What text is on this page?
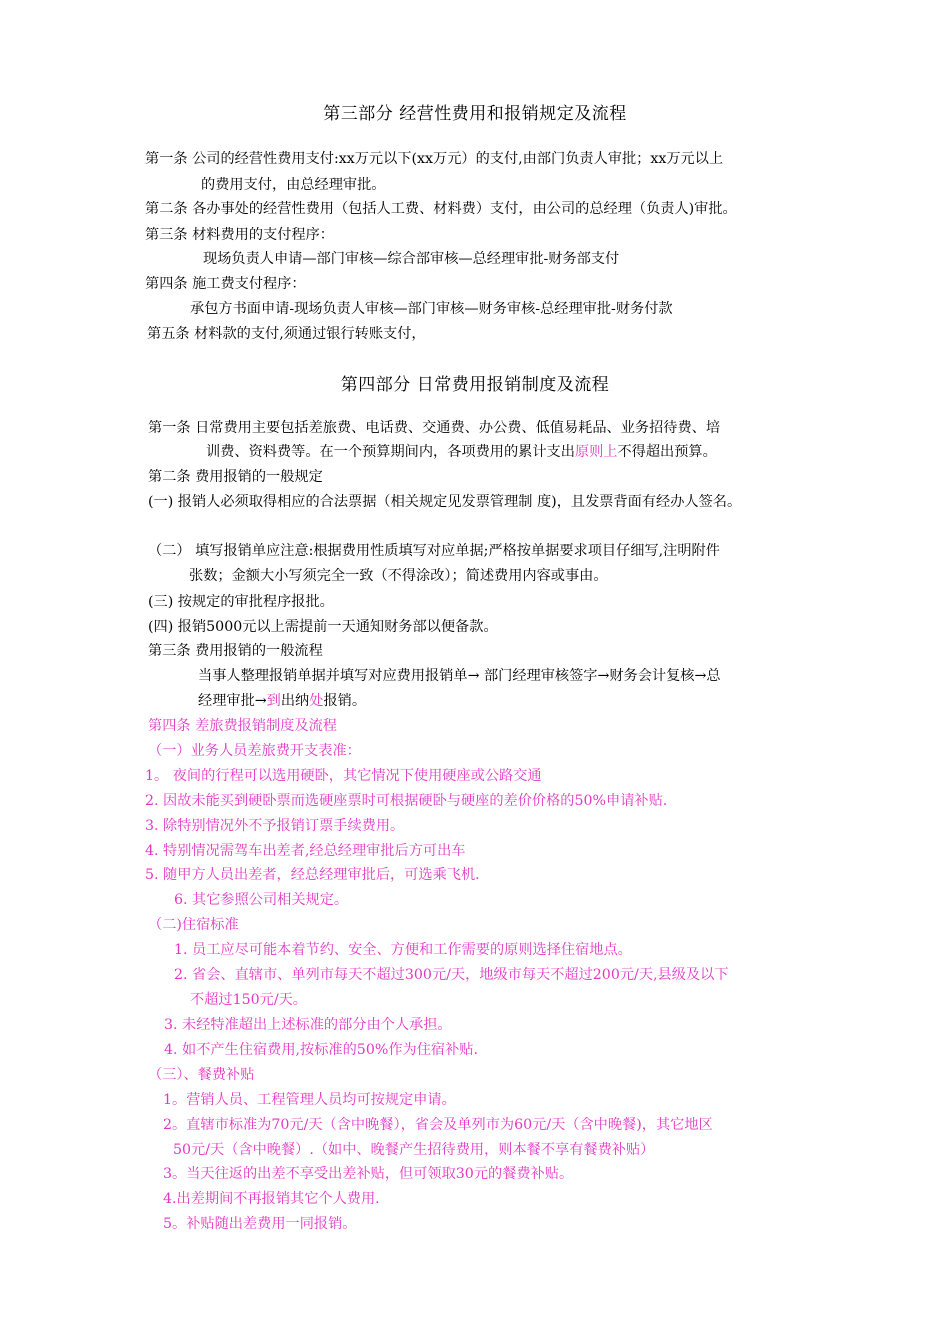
第三部分 经营性费用和报销规定及流程
第一条 公司的经营性费用支付:xx万元以下(xx万元）的支付,由部门负责人审批；xx万元以上
的费用支付，由总经理审批。
第二条 各办事处的经营性费用（包括人工费、材料费）支付，由公司的总经理（负责人)审批。
第三条 材料费用的支付程序：
现场负责人申请—部门审核—综合部审核—总经理审批-财务部支付
第四条 施工费支付程序：
承包方书面申请-现场负责人审核—部门审核—财务审核-总经理审批-财务付款
第五条 材料款的支付,须通过银行转账支付，
第四部分 日常费用报销制度及流程
第一条 日常费用主要包括差旅费、电话费、交通费、办公费、低值易耗品、业务招待费、培
训费、资料费等。在一个预算期间内，各项费用的累计支出原则上不得超出预算。
第二条 费用报销的一般规定
(一) 报销人必须取得相应的合法票据（相关规定见发票管理制 度)，且发票背面有经办人签名。
（二） 填写报销单应注意:根据费用性质填写对应单据;严格按单据要求项目仔细写,注明附件
张数；金额大小写须完全一致（不得涂改）；简述费用内容或事由。
(三) 按规定的审批程序报批。
(四) 报销5000元以上需提前一天通知财务部以便备款。
第三条 费用报销的一般流程
当事人整理报销单据并填写对应费用报销单→ 部门经理审核签字→财务会计复核→总
经理审批→到出纳处报销。
第四条 差旅费报销制度及流程
（一）业务人员差旅费开支表准：
1。 夜间的行程可以选用硬卧，其它情况下使用硬座或公路交通
2. 因故未能买到硬卧票而选硬座票时可根据硬卧与硬座的差价价格的50%申请补贴.
3. 除特别情况外不予报销订票手续费用。
4. 特别情况需驾车出差者,经总经理审批后方可出车
5. 随甲方人员出差者，经总经理审批后，可选乘飞机.
6. 其它参照公司相关规定。
（二)住宿标准
1. 员工应尽可能本着节约、安全、方便和工作需要的原则选择住宿地点。
2. 省会、直辖市、单列市每天不超过300元/天，地级市每天不超过200元/天,县级及以下
不超过150元/天。
3. 未经特准超出上述标准的部分由个人承担。
4. 如不产生住宿费用,按标准的50%作为住宿补贴.
（三）、餐费补贴
1。营销人员、工程管理人员均可按规定申请。
2。直辖市标准为70元/天（含中晚餐），省会及单列市为60元/天（含中晚餐)，其它地区
50元/天（含中晚餐）.（如中、晚餐产生招待费用，则本餐不享有餐费补贴）
3。当天往返的出差不享受出差补贴，但可领取30元的餐费补贴。
4.出差期间不再报销其它个人费用.
5。补贴随出差费用一同报销。
